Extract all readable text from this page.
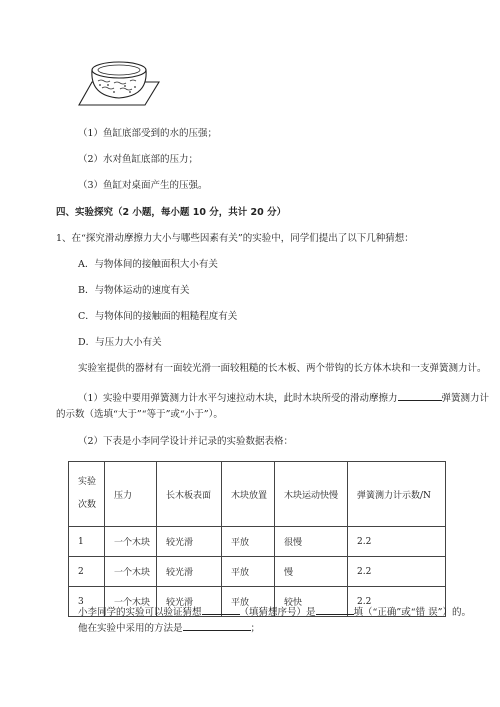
（1）鱼缸底部受到的水的压强；
（2）水对鱼缸底部的压力；
（3）鱼缸对桌面产生的压强。
四、实验探究（2 小题，每小题 10 分，共计 20 分）
1、在“探究滑动摩擦力大小与哪些因素有关”的实验中，同学们提出了以下几种猜想：
A．与物体间的接触面积大小有关
B．与物体运动的速度有关
C．与物体间的接触面的粗糙程度有关
D．与压力大小有关
实验室提供的器材有一面较光滑一面较粗糙的长木板、两个带钩的长方体木块和一支弹簧测力计。
（1）实验中要用弹簧测力计水平匀速拉动木块，此时木块所受的滑动摩擦力	弹簧测力计
的示数（选填“大于”“等于”或“小于”）。
（2）下表是小李同学设计并记录的实验数据表格：
实验
次数	压力	长木板表面	木块放置	木块运动快慢	弹簧测力计示数/N
1	一个木块	较光滑	平放	很慢	2.2
2	一个木块	较光滑	平放	慢	2.2
3	一个木块	较光滑	平放	较快	2.2
小李同学的实验可以验证猜想	（填猜想序号）是	填（“正确”或“错 误”）的。
他在实验中采用的方法是	；
